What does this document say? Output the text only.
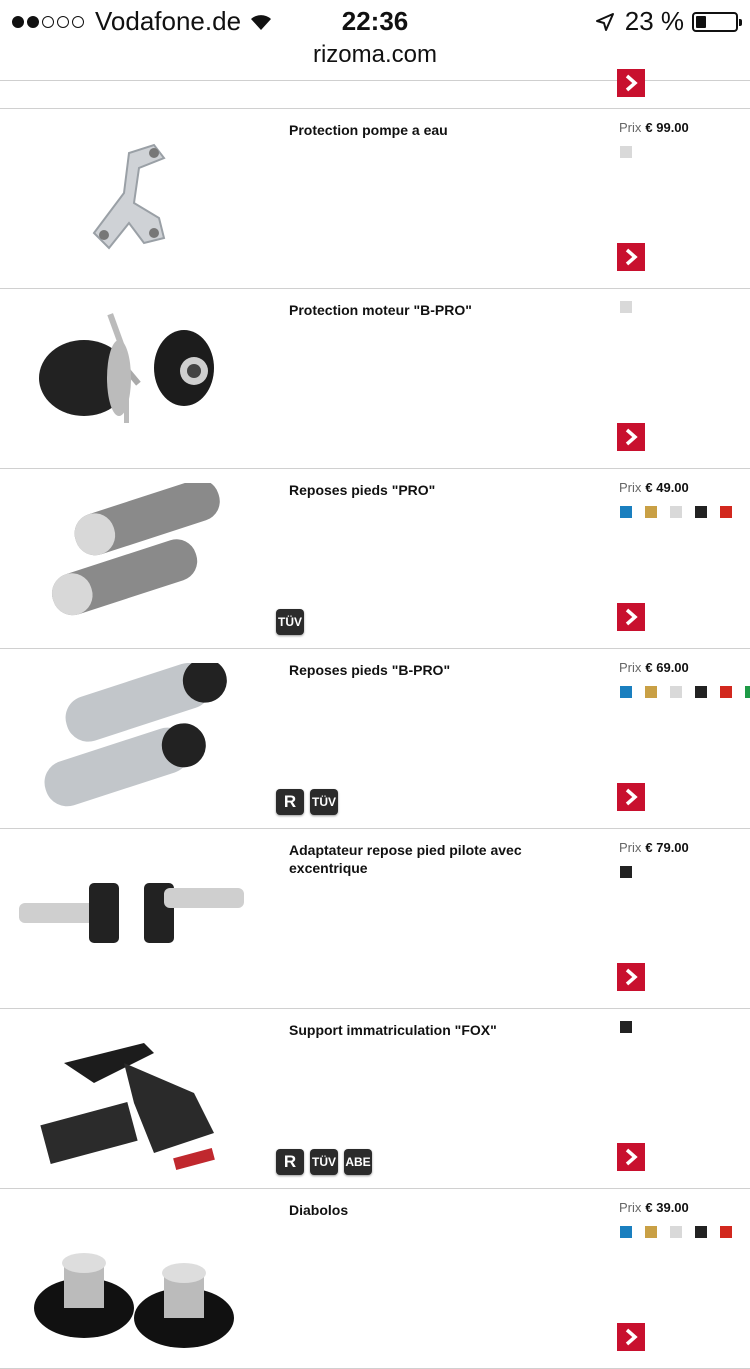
Vodafone.de	22:36	23 %
rizoma.com
Protection pompe a eau	Prix € 99.00
Protection moteur "B-PRO"
Reposes pieds "PRO"	Prix € 49.00
TÜV
Reposes pieds "B-PRO"	Prix € 69.00
R	TÜV
Adaptateur repose pied pilote avec excentrique
Prix € 79.00
Support immatriculation "FOX"
R	TÜV ABE
Diabolos	Prix € 39.00
